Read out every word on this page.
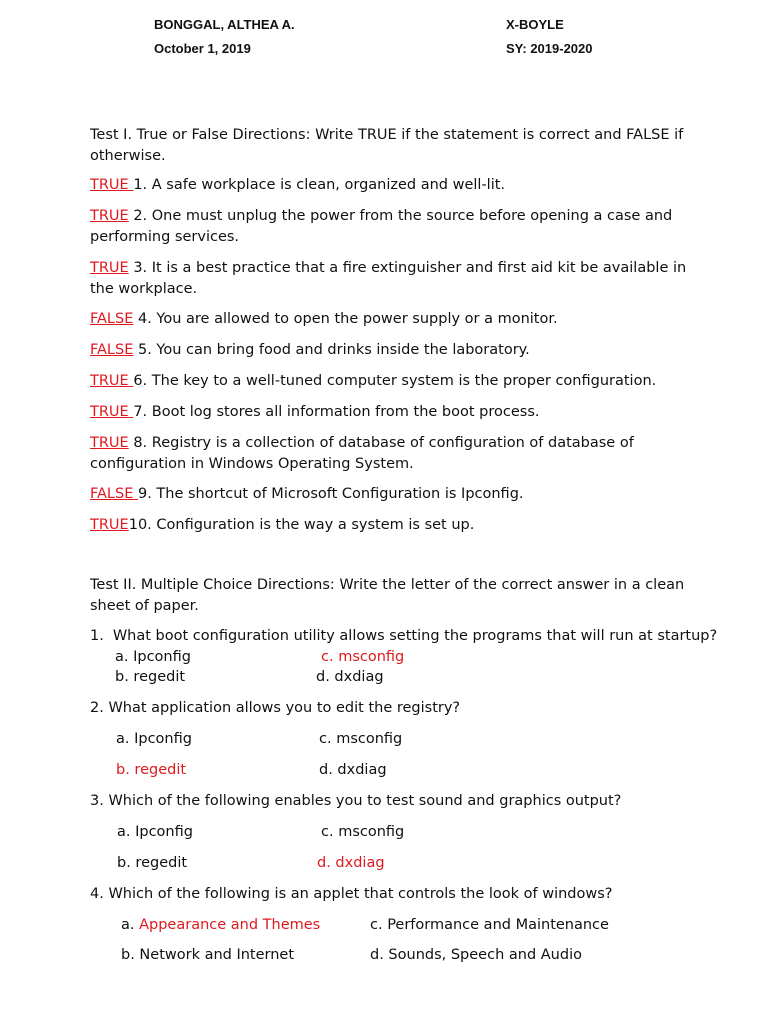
BONGGAL, ALTHEA A.
October 1, 2019
X-BOYLE
SY: 2019-2020
Test I. True or False Directions: Write TRUE if the statement is correct and FALSE if otherwise.
TRUE 1. A safe workplace is clean, organized and well-lit.
TRUE 2. One must unplug the power from the source before opening a case and performing services.
TRUE 3. It is a best practice that a fire extinguisher and first aid kit be available in the workplace.
FALSE 4. You are allowed to open the power supply or a monitor.
FALSE 5. You can bring food and drinks inside the laboratory.
TRUE 6. The key to a well-tuned computer system is the proper configuration.
TRUE 7. Boot log stores all information from the boot process.
TRUE 8. Registry is a collection of database of configuration of database of configuration in Windows Operating System.
FALSE 9. The shortcut of Microsoft Configuration is Ipconfig.
TRUE10. Configuration is the way a system is set up.
Test II. Multiple Choice Directions: Write the letter of the correct answer in a clean sheet of paper.
1. What boot configuration utility allows setting the programs that will run at startup?
a. Ipconfig	c. msconfig
b. regedit	d. dxdiag
2. What application allows you to edit the registry?
a. Ipconfig	c. msconfig
b. regedit	d. dxdiag
3. Which of the following enables you to test sound and graphics output?
a. Ipconfig	c. msconfig
b. regedit	d. dxdiag
4. Which of the following is an applet that controls the look of windows?
a. Appearance and Themes	c. Performance and Maintenance
b. Network and Internet	d. Sounds, Speech and Audio
